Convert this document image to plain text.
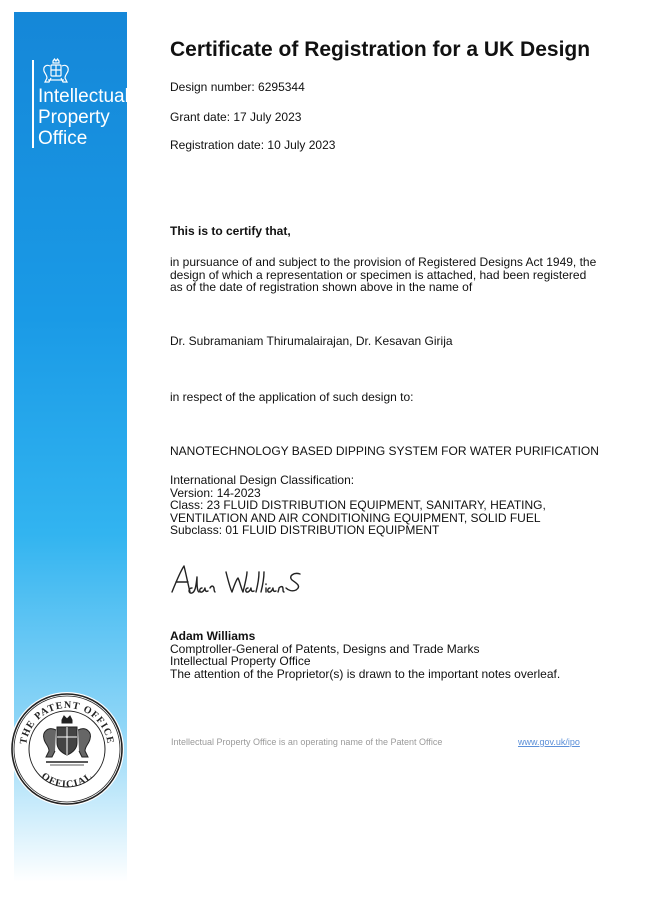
Intellectual
Property
Office
THE PATENT OFFICE
OFFICIAL
Certificate of Registration for a UK Design
Design number: 6295344
Grant date: 17 July 2023
Registration date: 10 July 2023
This is to certify that,
in pursuance of and subject to the provision of Registered Designs Act 1949, the
design of which a representation or specimen is attached, had been registered
as of the date of registration shown above in the name of
Dr. Subramaniam Thirumalairajan, Dr. Kesavan Girija
in respect of the application of such design to:
NANOTECHNOLOGY BASED DIPPING SYSTEM FOR WATER PURIFICATION
International Design Classification:
Version: 14-2023
Class: 23 FLUID DISTRIBUTION EQUIPMENT, SANITARY, HEATING,
VENTILATION AND AIR CONDITIONING EQUIPMENT, SOLID FUEL
Subclass: 01 FLUID DISTRIBUTION EQUIPMENT
Adam Williams
Comptroller-General of Patents, Designs and Trade Marks
Intellectual Property Office
The attention of the Proprietor(s) is drawn to the important notes overleaf.
Intellectual Property Office is an operating name of the Patent Office	www.gov.uk/ipo
